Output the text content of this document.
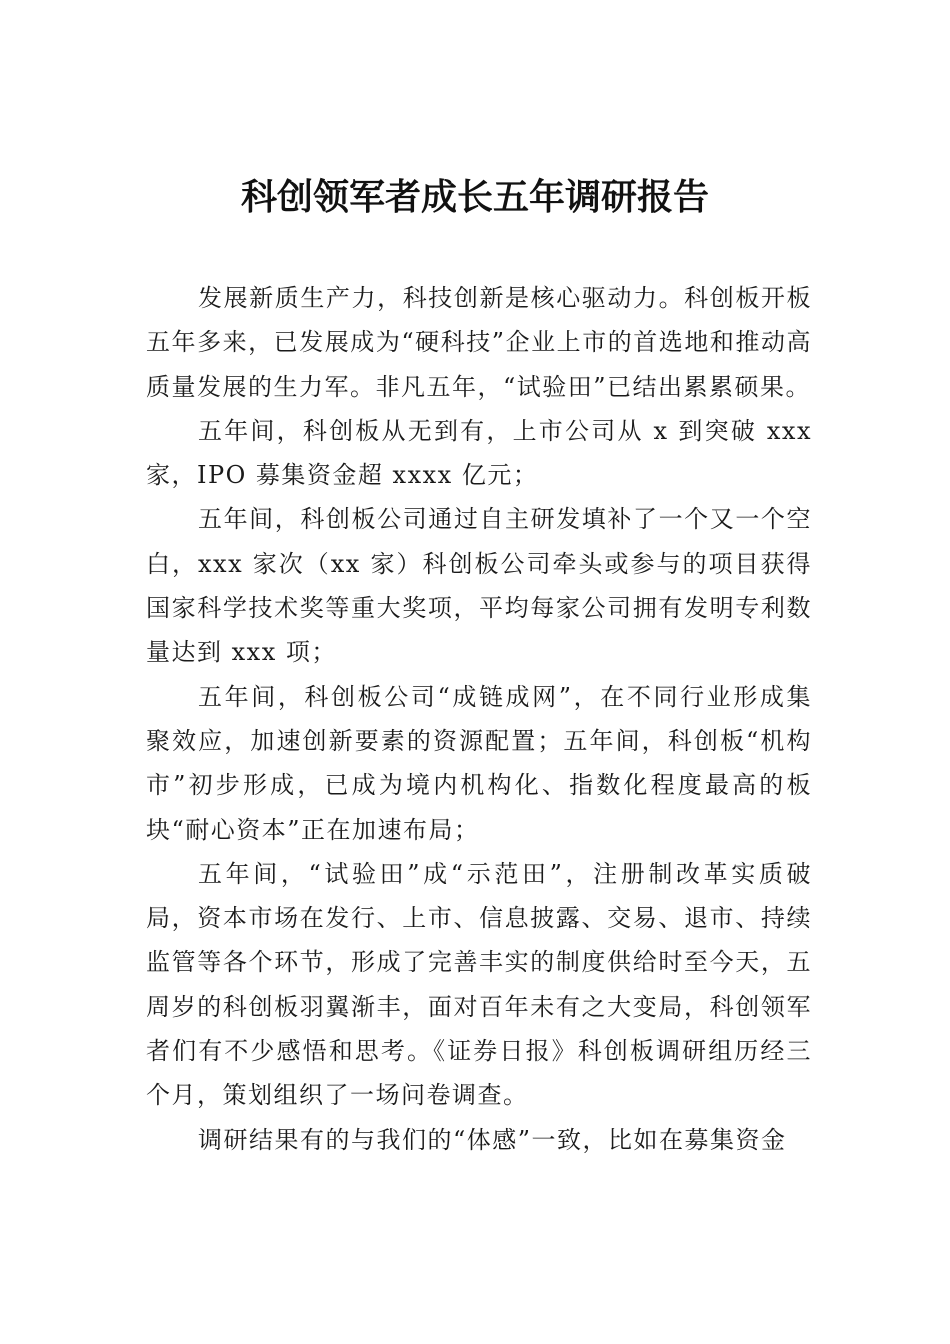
科创领军者成长五年调研报告

发展新质生产力，科技创新是核心驱动力。科创板开板五年多来，已发展成为“硬科技”企业上市的首选地和推动高质量发展的生力军。非凡五年，“试验田”已结出累累硕果。

五年间，科创板从无到有，上市公司从 x 到突破 xxx 家，IPO 募集资金超 xxxx 亿元；

五年间，科创板公司通过自主研发填补了一个又一个空白，xxx 家次（xx 家）科创板公司牵头或参与的项目获得国家科学技术奖等重大奖项，平均每家公司拥有发明专利数量达到 xxx 项；

五年间，科创板公司“成链成网”，在不同行业形成集聚效应，加速创新要素的资源配置；五年间，科创板“机构市”初步形成，已成为境内机构化、指数化程度最高的板块“耐心资本”正在加速布局；

五年间，“试验田”成“示范田”，注册制改革实质破局，资本市场在发行、上市、信息披露、交易、退市、持续监管等各个环节，形成了完善丰实的制度供给时至今天，五周岁的科创板羽翼渐丰，面对百年未有之大变局，科创领军者们有不少感悟和思考。《证券日报》科创板调研组历经三个月，策划组织了一场问卷调查。

调研结果有的与我们的“体感”一致，比如在募集资金
